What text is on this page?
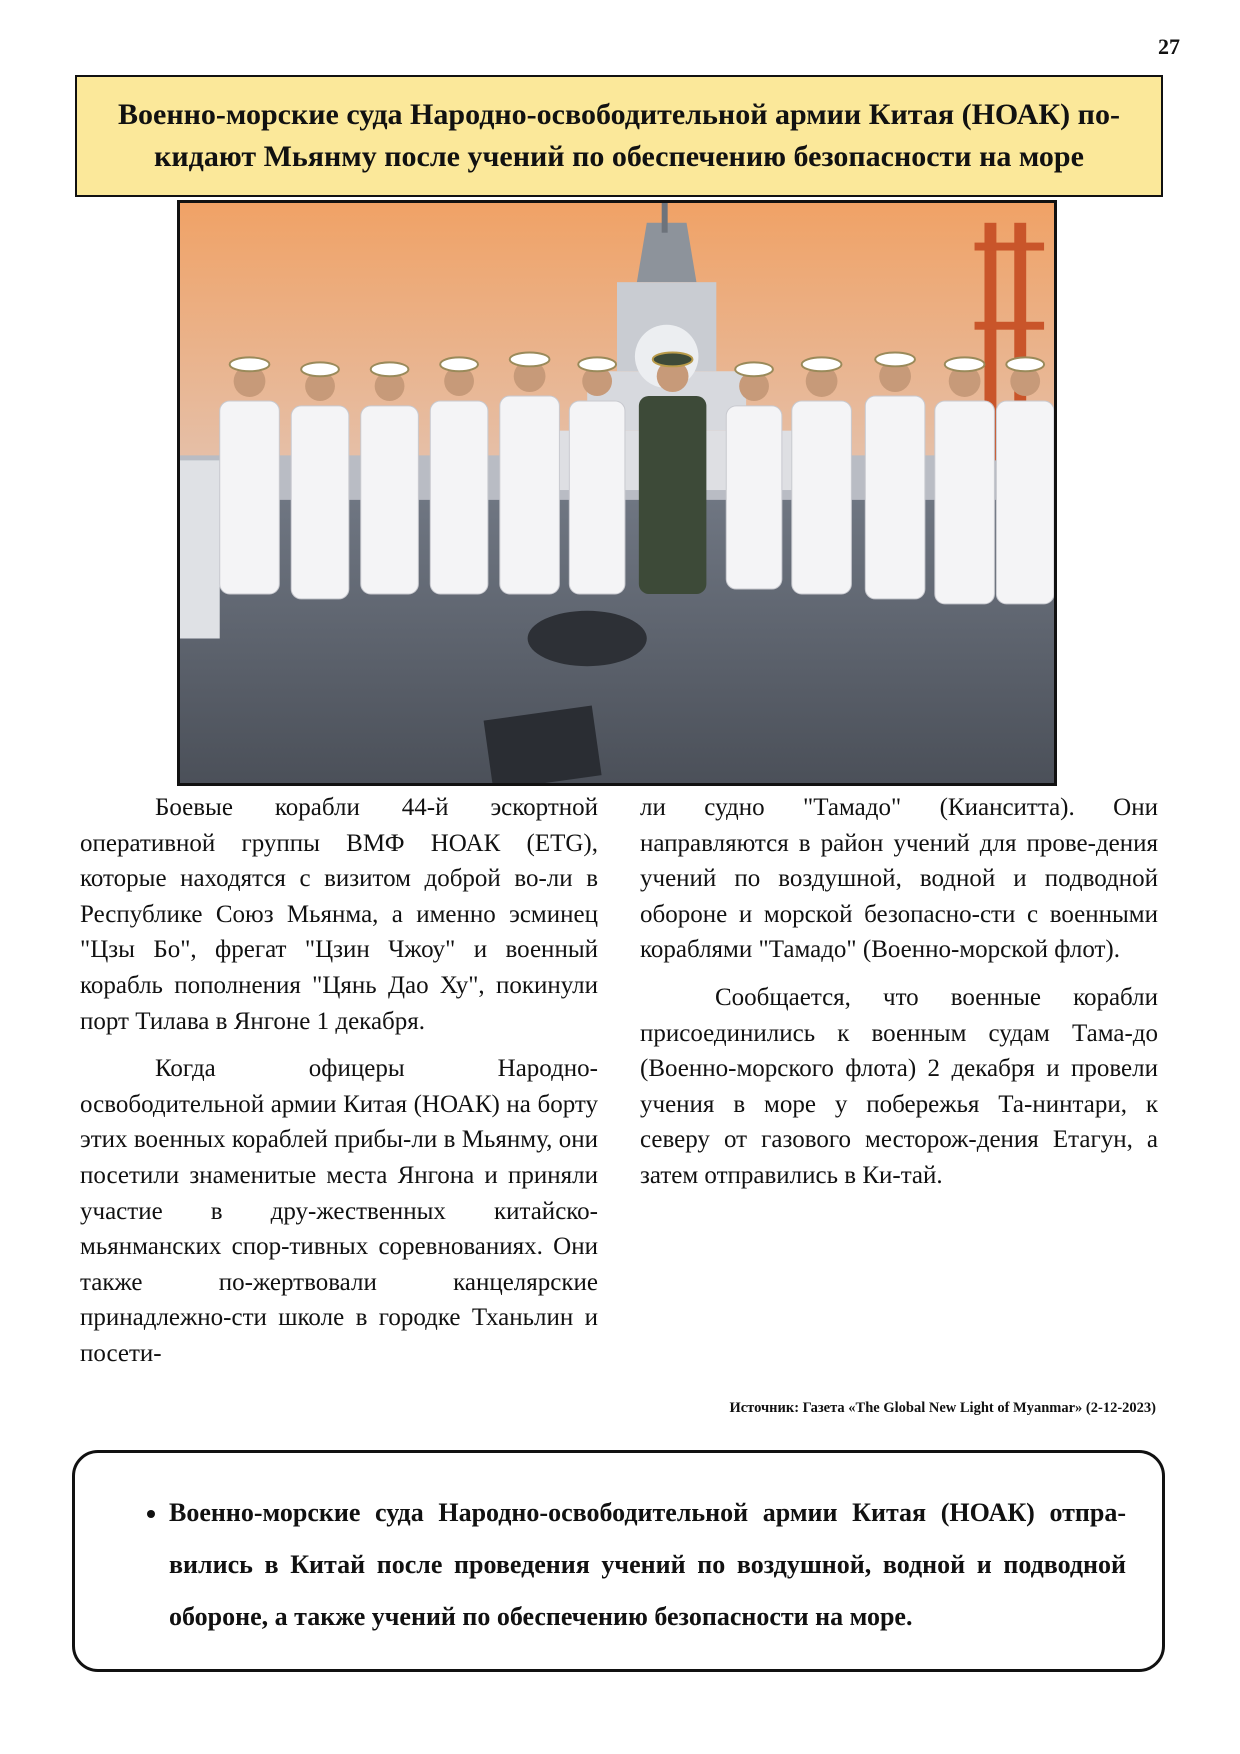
27
Военно-морские суда Народно-освободительной армии Китая (НОАК) по-кидают Мьянму после учений по обеспечению безопасности на море

Боевые корабли 44-й эскортной оперативной группы ВМФ НОАК (ETG), которые находятся с визитом доброй во-ли в Республике Союз Мьянма, а именно эсминец "Цзы Бо", фрегат "Цзин Чжоу" и военный корабль пополнения "Цянь Дао Ху", покинули порт Тилава в Янгоне 1 декабря.

Когда офицеры Народно-освободительной армии Китая (НОАК) на борту этих военных кораблей прибы-ли в Мьянму, они посетили знаменитые места Янгона и приняли участие в дру-жественных китайско-мьянманских спор-тивных соревнованиях. Они также по-жертвовали канцелярские принадлежно-сти школе в городке Тханьлин и посети-

ли судно "Тамадо" (Кианситта). Они направляются в район учений для прове-дения учений по воздушной, водной и подводной обороне и морской безопасно-сти с военными кораблями "Тамадо" (Военно-морской флот).

Сообщается, что военные корабли присоединились к военным судам Тама-до (Военно-морского флота) 2 декабря и провели учения в море у побережья Та-нинтари, к северу от газового месторож-дения Етагун, а затем отправились в Ки-тай.

Источник: Газета «The Global New Light of Myanmar» (2-12-2023)
• Военно-морские суда Народно-освободительной армии Китая (НОАК) отпра-вились в Китай после проведения учений по воздушной, водной и подводной обороне, а также учений по обеспечению безопасности на море.
